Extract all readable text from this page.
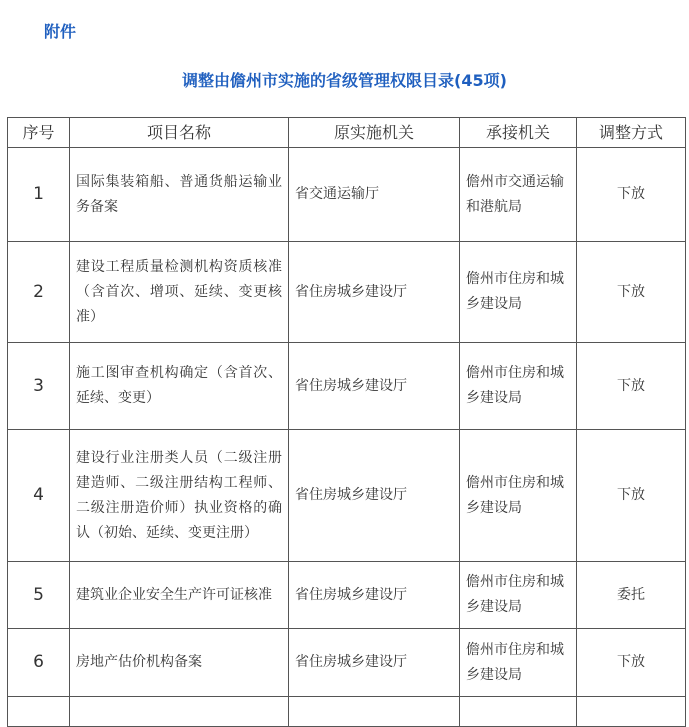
附件
调整由儋州市实施的省级管理权限目录(45项)
序号	项目名称	原实施机关	承接机关	调整方式
1	国际集装箱船、普通货船运输业务备案	省交通运输厅	儋州市交通运输和港航局	下放
2	建设工程质量检测机构资质核准（含首次、增项、延续、变更核准）	省住房城乡建设厅	儋州市住房和城乡建设局	下放
3	施工图审查机构确定（含首次、延续、变更）	省住房城乡建设厅	儋州市住房和城乡建设局	下放
4	建设行业注册类人员（二级注册建造师、二级注册结构工程师、二级注册造价师）执业资格的确认（初始、延续、变更注册）	省住房城乡建设厅	儋州市住房和城乡建设局	下放
5	建筑业企业安全生产许可证核准	省住房城乡建设厅	儋州市住房和城乡建设局	委托
6	房地产估价机构备案	省住房城乡建设厅	儋州市住房和城乡建设局	下放
